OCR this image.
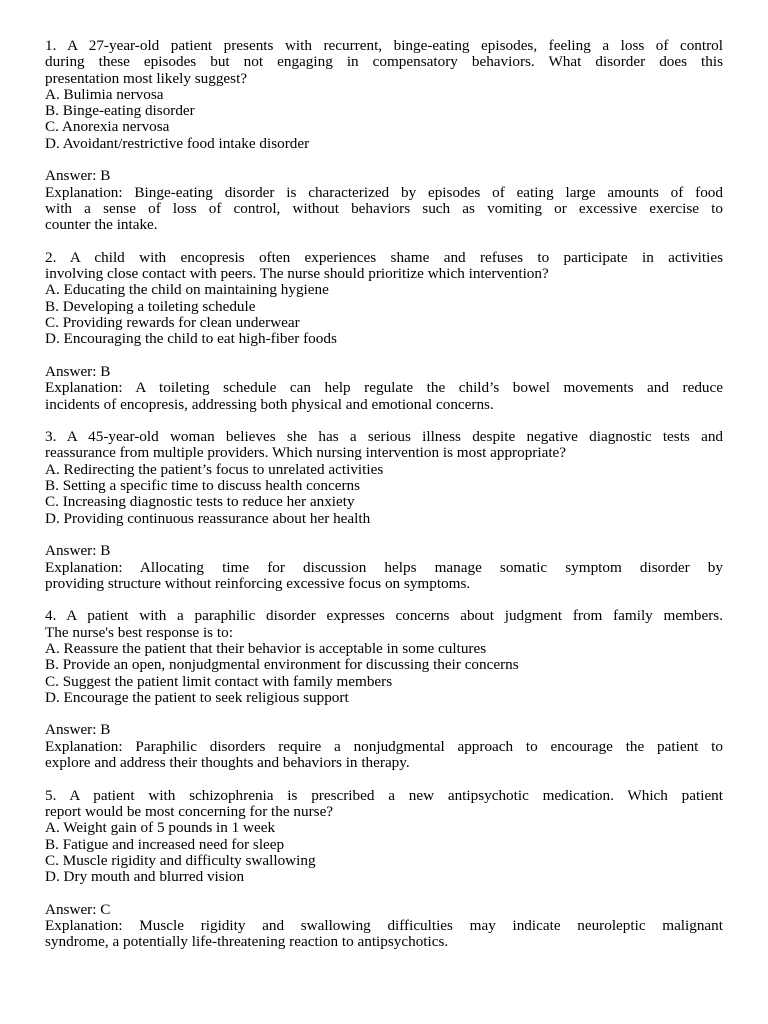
1. A 27-year-old patient presents with recurrent, binge-eating episodes, feeling a loss of control
during these episodes but not engaging in compensatory behaviors. What disorder does this
presentation most likely suggest?
A. Bulimia nervosa
B. Binge-eating disorder
C. Anorexia nervosa
D. Avoidant/restrictive food intake disorder
Answer: B
Explanation: Binge-eating disorder is characterized by episodes of eating large amounts of food
with a sense of loss of control, without behaviors such as vomiting or excessive exercise to
counter the intake.
2. A child with encopresis often experiences shame and refuses to participate in activities
involving close contact with peers. The nurse should prioritize which intervention?
A. Educating the child on maintaining hygiene
B. Developing a toileting schedule
C. Providing rewards for clean underwear
D. Encouraging the child to eat high-fiber foods
Answer: B
Explanation: A toileting schedule can help regulate the child’s bowel movements and reduce
incidents of encopresis, addressing both physical and emotional concerns.
3. A 45-year-old woman believes she has a serious illness despite negative diagnostic tests and
reassurance from multiple providers. Which nursing intervention is most appropriate?
A. Redirecting the patient’s focus to unrelated activities
B. Setting a specific time to discuss health concerns
C. Increasing diagnostic tests to reduce her anxiety
D. Providing continuous reassurance about her health
Answer: B
Explanation: Allocating time for discussion helps manage somatic symptom disorder by
providing structure without reinforcing excessive focus on symptoms.
4. A patient with a paraphilic disorder expresses concerns about judgment from family members.
The nurse's best response is to:
A. Reassure the patient that their behavior is acceptable in some cultures
B. Provide an open, nonjudgmental environment for discussing their concerns
C. Suggest the patient limit contact with family members
D. Encourage the patient to seek religious support
Answer: B
Explanation: Paraphilic disorders require a nonjudgmental approach to encourage the patient to
explore and address their thoughts and behaviors in therapy.
5. A patient with schizophrenia is prescribed a new antipsychotic medication. Which patient
report would be most concerning for the nurse?
A. Weight gain of 5 pounds in 1 week
B. Fatigue and increased need for sleep
C. Muscle rigidity and difficulty swallowing
D. Dry mouth and blurred vision
Answer: C
Explanation: Muscle rigidity and swallowing difficulties may indicate neuroleptic malignant
syndrome, a potentially life-threatening reaction to antipsychotics.
